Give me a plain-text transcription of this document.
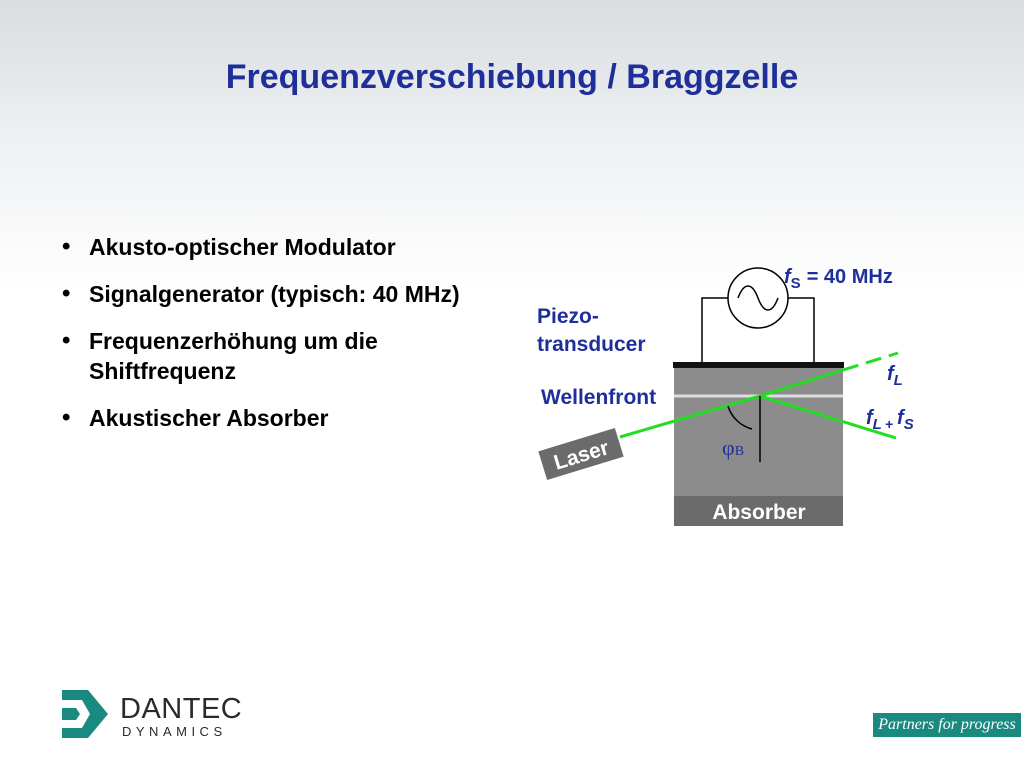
Frequenzverschiebung / Braggzelle
• Akusto-optischer Modulator
• Signalgenerator (typisch: 40 MHz)
• Frequenzerhöhung um die Shiftfrequenz
• Akustischer Absorber
Absorber
φB
Laser
$f_S = 40$ MHz
Piezo- transducer
Wellenfront
$f_L$
$f_L + f_S$
DANTEC
DYNAMICS	Partners for progress
